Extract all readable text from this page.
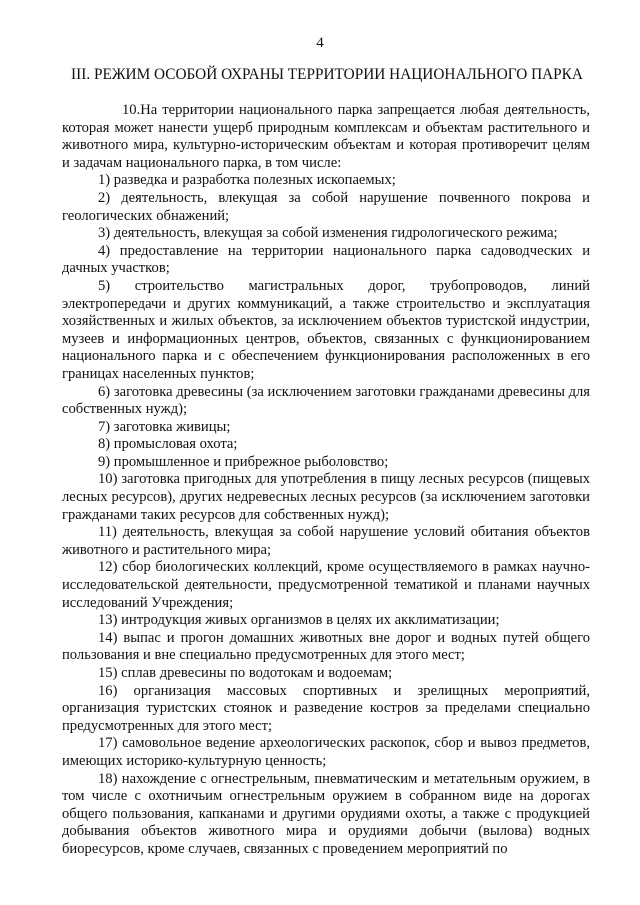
4
III. РЕЖИМ ОСОБОЙ ОХРАНЫ ТЕРРИТОРИИ НАЦИОНАЛЬНОГО ПАРКА

10.На территории национального парка запрещается любая деятельность, которая может нанести ущерб природным комплексам и объектам растительного и животного мира, культурно-историческим объектам и которая противоречит целям и задачам национального парка, в том числе:

1) разведка и разработка полезных ископаемых;

2) деятельность, влекущая за собой нарушение почвенного покрова и геологических обнажений;

3) деятельность, влекущая за собой изменения гидрологического режима;

4) предоставление на территории национального парка садоводческих и дачных участков;

5) строительство магистральных дорог, трубопроводов, линий электропередачи и других коммуникаций, а также строительство и эксплуатация хозяйственных и жилых объектов, за исключением объектов туристской индустрии, музеев и информационных центров, объектов, связанных с функционированием национального парка и с обеспечением функционирования расположенных в его границах населенных пунктов;

6) заготовка древесины (за исключением заготовки гражданами древесины для собственных нужд);

7) заготовка живицы;

8) промысловая охота;

9) промышленное и прибрежное рыболовство;

10) заготовка пригодных для употребления в пищу лесных ресурсов (пищевых лесных ресурсов), других недревесных лесных ресурсов (за исключением заготовки гражданами таких ресурсов для собственных нужд);

11) деятельность, влекущая за собой нарушение условий обитания объектов животного и растительного мира;

12) сбор биологических коллекций, кроме осуществляемого в рамках научно-исследовательской деятельности, предусмотренной тематикой и планами научных исследований Учреждения;

13) интродукция живых организмов в целях их акклиматизации;

14) выпас и прогон домашних животных вне дорог и водных путей общего пользования и вне специально предусмотренных для этого мест;

15) сплав древесины по водотокам и водоемам;

16) организация массовых спортивных и зрелищных мероприятий, организация туристских стоянок и разведение костров за пределами специально предусмотренных для этого мест;

17) самовольное ведение археологических раскопок, сбор и вывоз предметов, имеющих историко-культурную ценность;

18) нахождение с огнестрельным, пневматическим и метательным оружием, в том числе с охотничьим огнестрельным оружием в собранном виде на дорогах общего пользования, капканами и другими орудиями охоты, а также с продукцией добывания объектов животного мира и орудиями добычи (вылова) водных биоресурсов, кроме случаев, связанных с проведением мероприятий по
